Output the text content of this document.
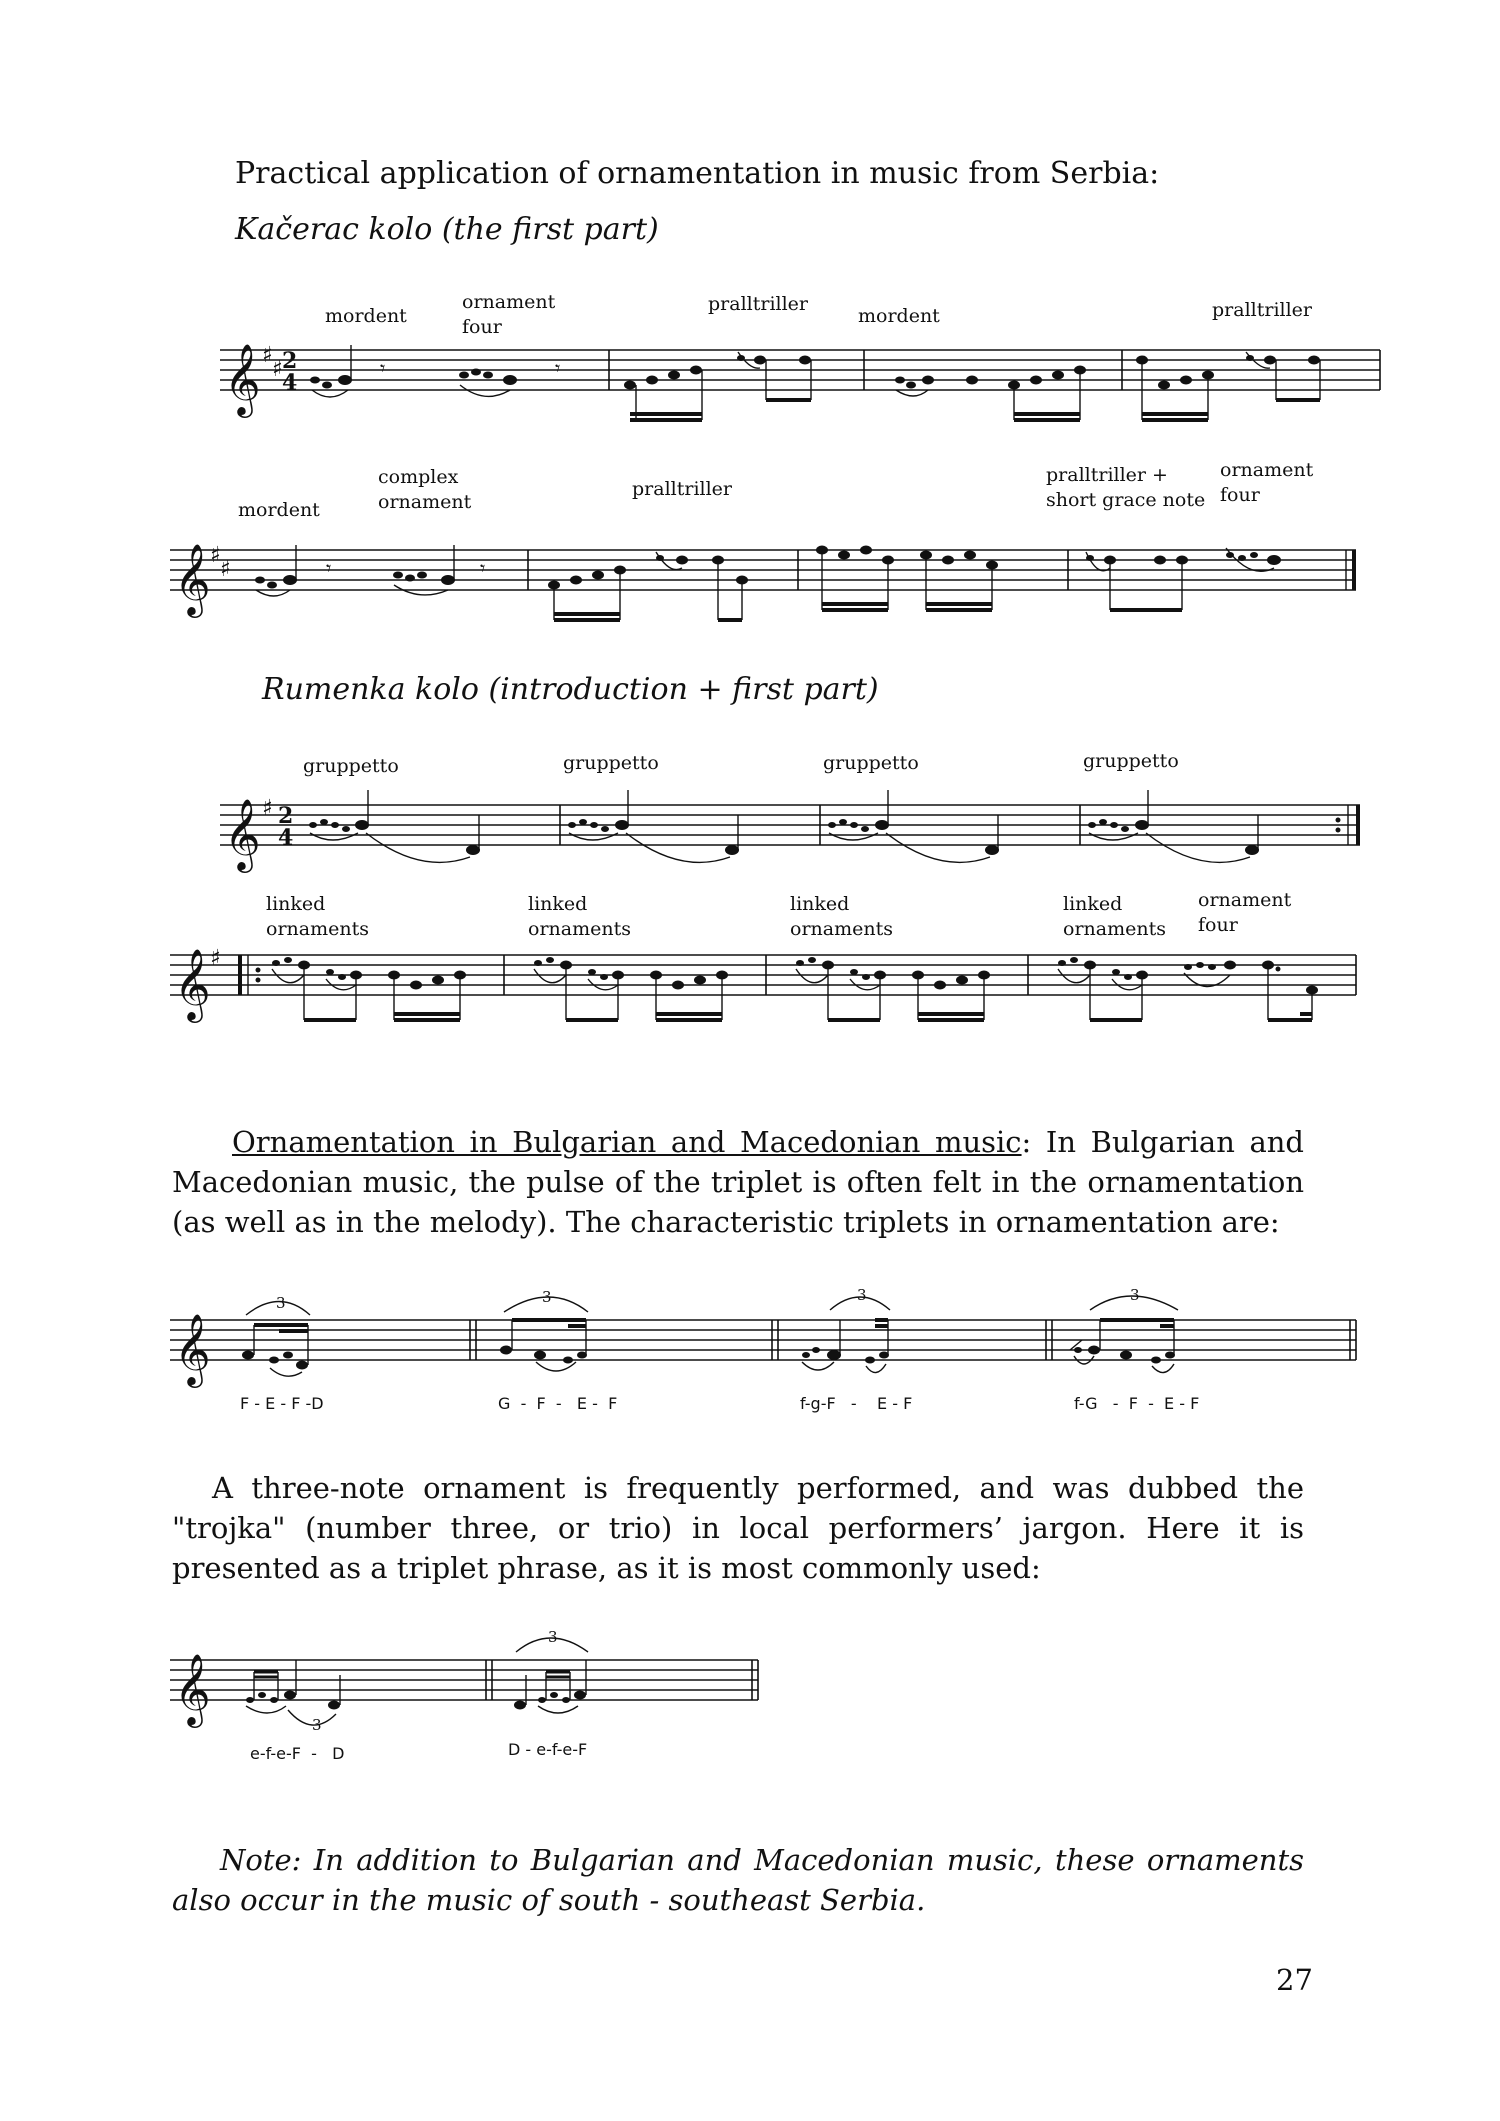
Practical application of ornamentation in music from Serbia:
Kačerac kolo (the first part)
mordent
ornament four
pralltriller
mordent	pralltriller
𝄞 ♯
♯ 2
4
𝄾	𝄾
mordent
complex ornament
pralltriller
pralltriller + short grace note
ornament four
𝄞 ♯
♯	𝄾	𝄾
Rumenka kolo (introduction + first part)
gruppetto	gruppetto	gruppetto	gruppetto
𝄞 ♯ 2
4
linked ornaments
linked ornaments
linked ornaments
linked ornaments
ornament four
𝄞 ♯
Ornamentation in Bulgarian and Macedonian music: In Bulgarian and Macedonian music, the pulse of the triplet is often felt in the ornamentation (as well as in the melody). The characteristic triplets in ornamentation are:
𝄞
3	3	3	3
F - E - F -D	G  -  F  -   E -  F	f-g-F   -    E - F	f-G   -  F  -  E - F
A three-note ornament is frequently performed, and was dubbed the "trojka" (number three, or trio) in local performers’ jargon. Here it is presented as a triplet phrase, as it is most commonly used:
𝄞	3
3
e-f-e-F  -   D	D - e-f-e-F
Note: In addition to Bulgarian and Macedonian music, these ornaments also occur in the music of south - southeast Serbia.
27
